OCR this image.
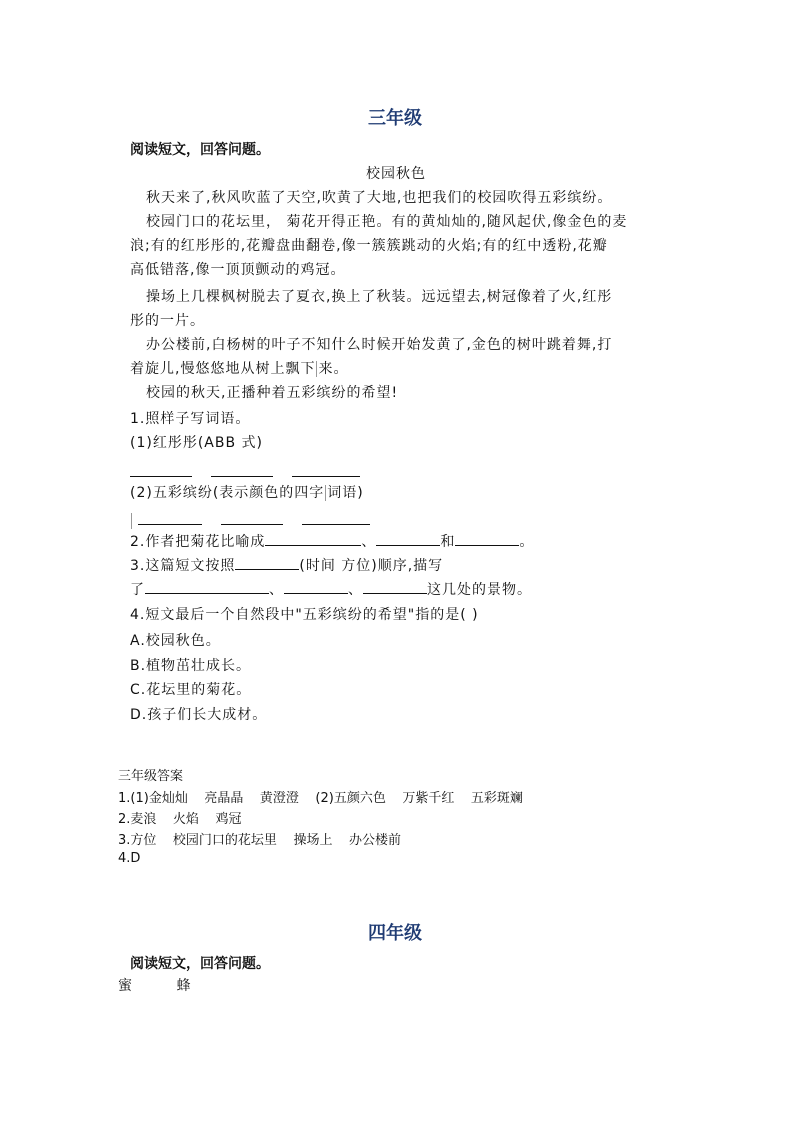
三年级
阅读短文，回答问题。
校园秋色
秋天来了,秋风吹蓝了天空,吹黄了大地,也把我们的校园吹得五彩缤纷。
校园门口的花坛里， 菊花开得正艳。有的黄灿灿的,随风起伏,像金色的麦
浪;有的红彤彤的,花瓣盘曲翻卷,像一簇簇跳动的火焰;有的红中透粉,花瓣
高低错落,像一顶顶颤动的鸡冠。
操场上几棵枫树脱去了夏衣,换上了秋装。远远望去,树冠像着了火,红彤
彤的一片。
办公楼前,白杨树的叶子不知什么时候开始发黄了,金色的树叶跳着舞,打
着旋儿,慢悠悠地从树上飘下 来。
校园的秋天,正播种着五彩缤纷的希望!
1.照样子写词语。
(1)红彤彤(ABB 式)

(2)五彩缤纷(表示颜色的四字 词语)

2.作者把菊花比喻成	、	和	。
3.这篇短文按照	(时间 方位)顺序,描写
了	、	、	这几处的景物。
4.短文最后一个自然段中"五彩缤纷的希望"指的是( )
A.校园秋色。
B.植物茁壮成长。
C.花坛里的菊花。
D.孩子们长大成材。
三年级答案
1.(1)金灿灿    亮晶晶    黄澄澄    (2)五颜六色    万紫千红    五彩斑斓
2.麦浪    火焰    鸡冠
3.方位    校园门口的花坛里    操场上    办公楼前
4.D
四年级
阅读短文，回答问题。
蜜        蜂
